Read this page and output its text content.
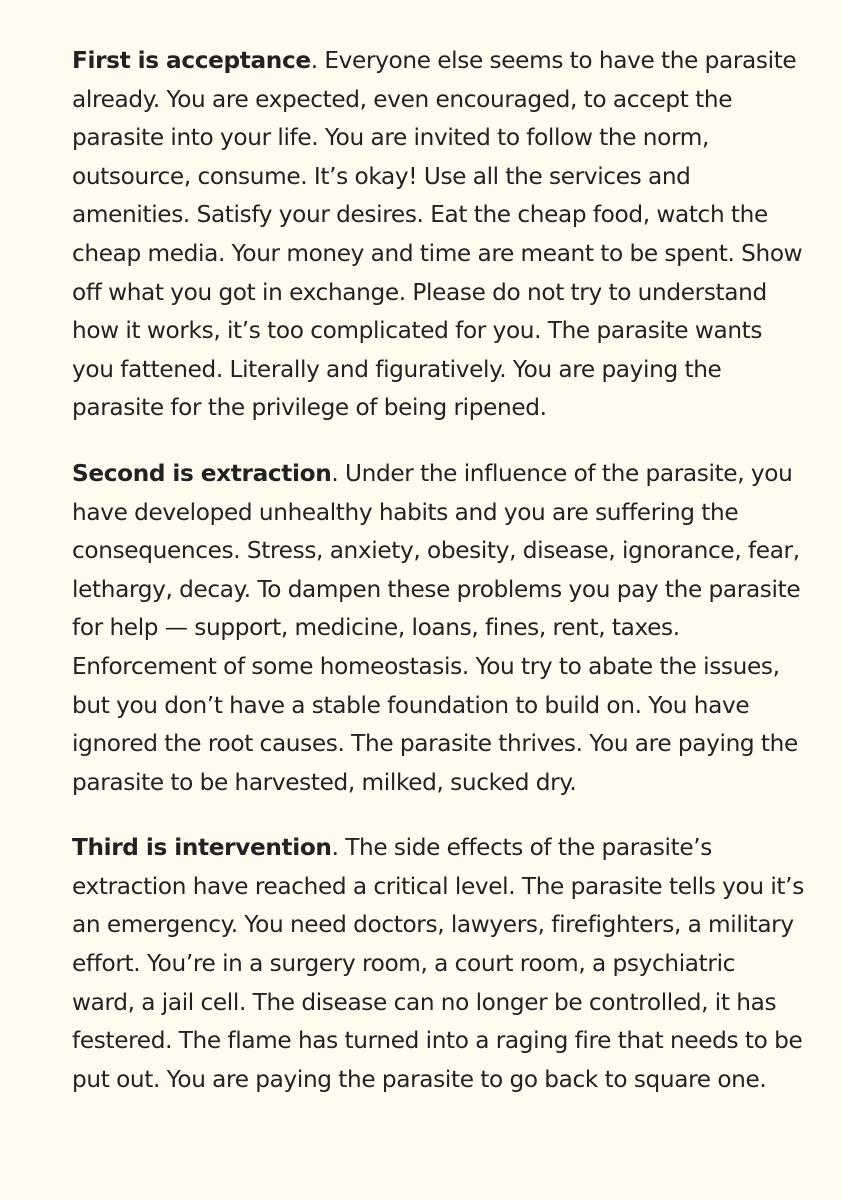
First is acceptance. Everyone else seems to have the parasite already. You are expected, even encouraged, to accept the parasite into your life. You are invited to follow the norm, outsource, consume. It’s okay! Use all the services and amenities. Satisfy your desires. Eat the cheap food, watch the cheap media. Your money and time are meant to be spent. Show off what you got in exchange. Please do not try to understand how it works, it’s too complicated for you. The parasite wants you fattened. Literally and figuratively. You are paying the parasite for the privilege of being ripened.

Second is extraction. Under the influence of the parasite, you have developed unhealthy habits and you are suffering the consequences. Stress, anxiety, obesity, disease, ignorance, fear, lethargy, decay. To dampen these problems you pay the parasite for help — support, medicine, loans, fines, rent, taxes. Enforcement of some homeostasis. You try to abate the issues, but you don’t have a stable foundation to build on. You have ignored the root causes. The parasite thrives. You are paying the parasite to be harvested, milked, sucked dry.

Third is intervention. The side effects of the parasite’s extraction have reached a critical level. The parasite tells you it’s an emergency. You need doctors, lawyers, firefighters, a military effort. You’re in a surgery room, a court room, a psychiatric ward, a jail cell. The disease can no longer be controlled, it has festered. The flame has turned into a raging fire that needs to be put out. You are paying the parasite to go back to square one.
